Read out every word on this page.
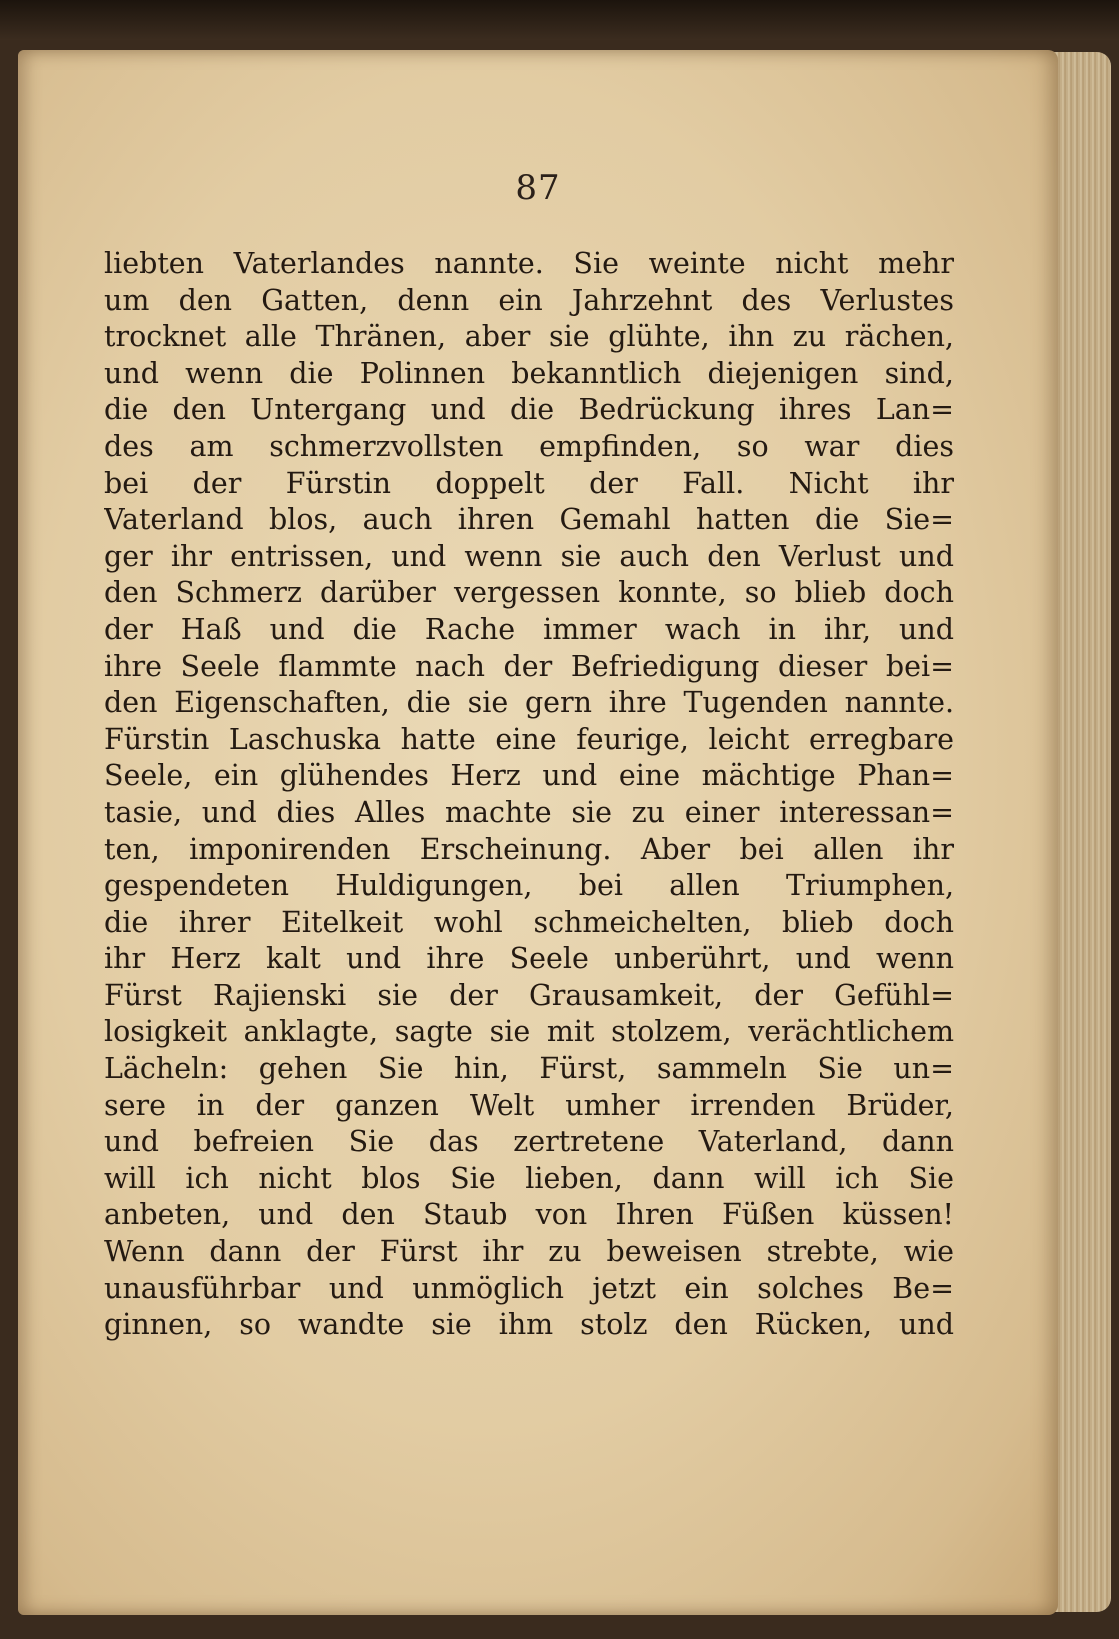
87
liebten Vaterlandes nannte. Sie weinte nicht mehr
um den Gatten, denn ein Jahrzehnt des Verlustes
trocknet alle Thränen, aber sie glühte, ihn zu rächen,
und wenn die Polinnen bekanntlich diejenigen sind,
die den Untergang und die Bedrückung ihres Lan=
des am schmerzvollsten empfinden, so war dies
bei der Fürstin doppelt der Fall. Nicht ihr
Vaterland blos, auch ihren Gemahl hatten die Sie=
ger ihr entrissen, und wenn sie auch den Verlust und
den Schmerz darüber vergessen konnte, so blieb doch
der Haß und die Rache immer wach in ihr, und
ihre Seele flammte nach der Befriedigung dieser bei=
den Eigenschaften, die sie gern ihre Tugenden nannte.
Fürstin Laschuska hatte eine feurige, leicht erregbare
Seele, ein glühendes Herz und eine mächtige Phan=
tasie, und dies Alles machte sie zu einer interessan=
ten, imponirenden Erscheinung. Aber bei allen ihr
gespendeten Huldigungen, bei allen Triumphen,
die ihrer Eitelkeit wohl schmeichelten, blieb doch
ihr Herz kalt und ihre Seele unberührt, und wenn
Fürst Rajienski sie der Grausamkeit, der Gefühl=
losigkeit anklagte, sagte sie mit stolzem, verächtlichem
Lächeln: gehen Sie hin, Fürst, sammeln Sie un=
sere in der ganzen Welt umher irrenden Brüder,
und befreien Sie das zertretene Vaterland, dann
will ich nicht blos Sie lieben, dann will ich Sie
anbeten, und den Staub von Ihren Füßen küssen!
Wenn dann der Fürst ihr zu beweisen strebte, wie
unausführbar und unmöglich jetzt ein solches Be=
ginnen, so wandte sie ihm stolz den Rücken, und
